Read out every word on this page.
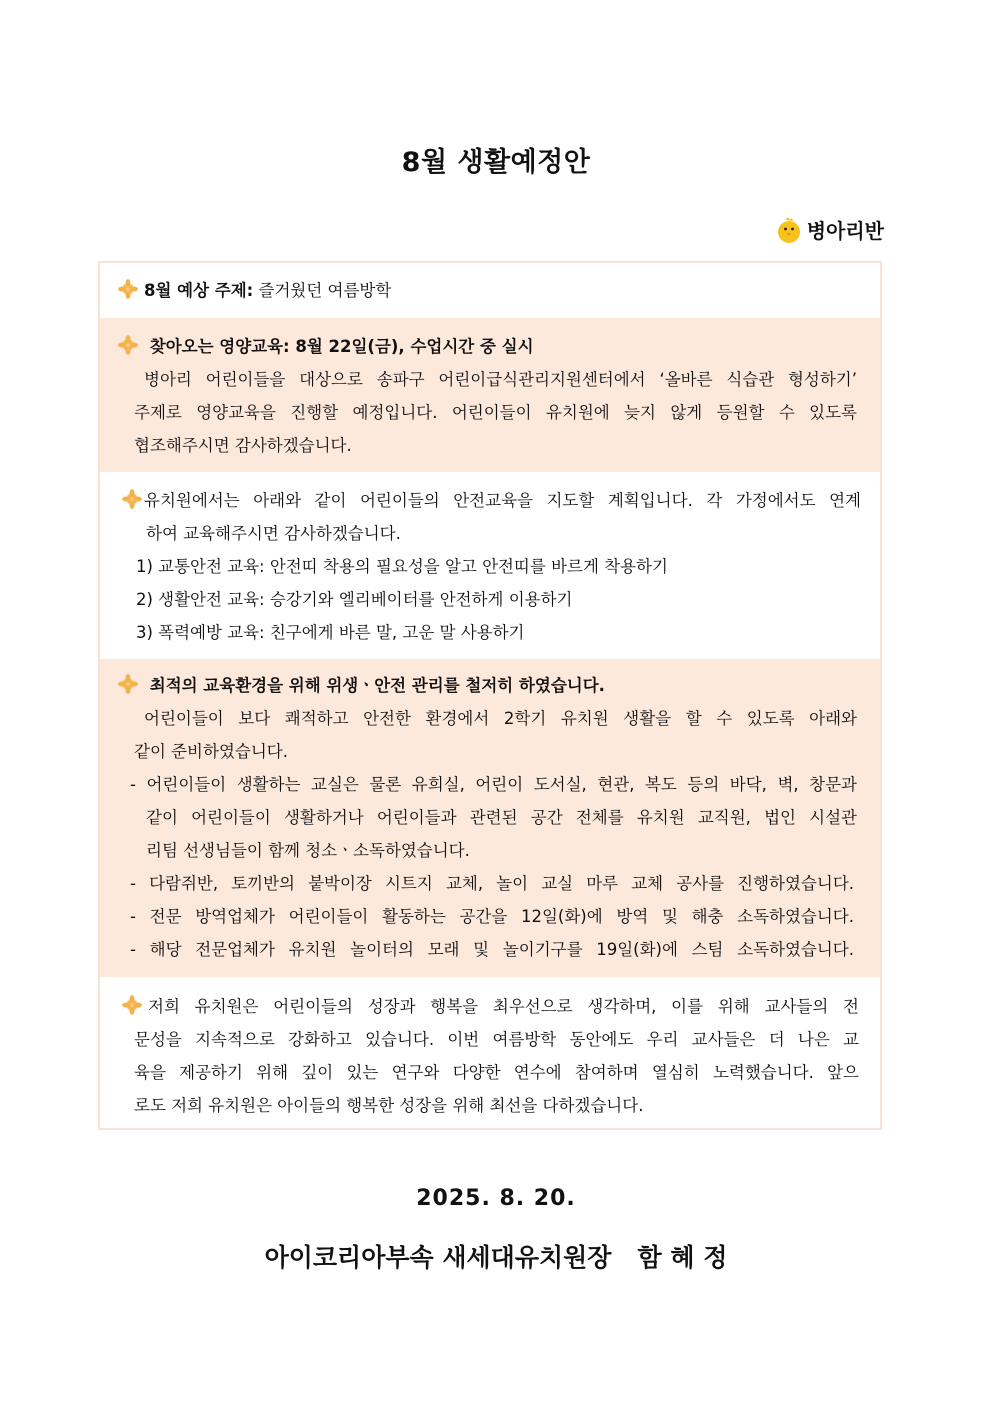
8월 생활예정안
병아리반
8월 예상 주제: 즐거웠던 여름방학
찾아오는 영양교육: 8월 22일(금), 수업시간 중 실시
병아리 어린이들을 대상으로 송파구 어린이급식관리지원센터에서 ‘올바른 식습관 형성하기’
주제로 영양교육을 진행할 예정입니다. 어린이들이 유치원에 늦지 않게 등원할 수 있도록
협조해주시면 감사하겠습니다.
유치원에서는 아래와 같이 어린이들의 안전교육을 지도할 계획입니다. 각 가정에서도 연계
하여 교육해주시면 감사하겠습니다.
1) 교통안전 교육: 안전띠 착용의 필요성을 알고 안전띠를 바르게 착용하기
2) 생활안전 교육: 승강기와 엘리베이터를 안전하게 이용하기
3) 폭력예방 교육: 친구에게 바른 말, 고운 말 사용하기
최적의 교육환경을 위해 위생ㆍ안전 관리를 철저히 하였습니다.
어린이들이 보다 쾌적하고 안전한 환경에서 2학기 유치원 생활을 할 수 있도록 아래와
같이 준비하였습니다.
- 어린이들이 생활하는 교실은 물론 유희실, 어린이 도서실, 현관, 복도 등의 바닥, 벽, 창문과
같이 어린이들이 생활하거나 어린이들과 관련된 공간 전체를 유치원 교직원, 법인 시설관
리팀 선생님들이 함께 청소ㆍ소독하였습니다.
- 다람쥐반, 토끼반의 붙박이장 시트지 교체, 놀이 교실 마루 교체 공사를 진행하였습니다.
- 전문 방역업체가 어린이들이 활동하는 공간을 12일(화)에 방역 및 해충 소독하였습니다.
- 해당 전문업체가 유치원 놀이터의 모래 및 놀이기구를 19일(화)에 스팀 소독하였습니다.
저희 유치원은 어린이들의 성장과 행복을 최우선으로 생각하며, 이를 위해 교사들의 전
문성을 지속적으로 강화하고 있습니다. 이번 여름방학 동안에도 우리 교사들은 더 나은 교
육을 제공하기 위해 깊이 있는 연구와 다양한 연수에 참여하며 열심히 노력했습니다. 앞으
로도 저희 유치원은 아이들의 행복한 성장을 위해 최선을 다하겠습니다.
2025. 8. 20.
아이코리아부속 새세대유치원장   함 혜 정
